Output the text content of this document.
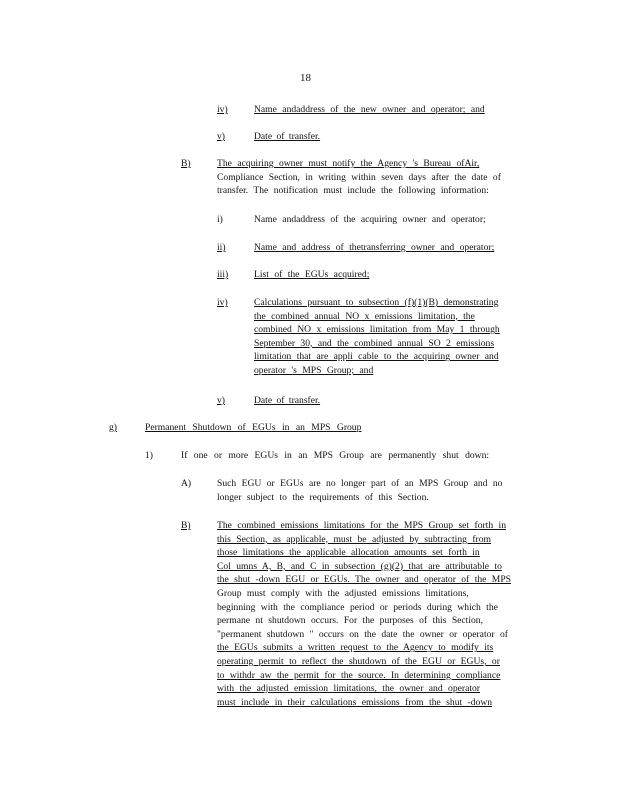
18
iv)	Name andaddress of the new owner and operator; and
v)	Date of transfer.
B)	The acquiring owner must notify the Agency 's Bureau ofAir,
Compliance Section, in writing within seven days after the date of
transfer. The notification must include the following information:
i)	Name andaddress of the acquiring owner and operator;
ii)	Name and address of thetransferring owner and operator;
iii)	List of the EGUs acquired;
iv)	Calculations pursuant to subsection (f)(1)(B) demonstrating
the combined annual NO x emissions limitation, the
combined NO x emissions limitation from May 1 through
September 30, and the combined annual SO 2 emissions
limitation that are appli cable to the acquiring owner and
operator 's MPS Group; and
v)	Date of transfer.
g)	Permanent Shutdown of EGUs in an MPS Group
1)	If one or more EGUs in an MPS Group are permanently shut down:
A)	Such EGU or EGUs are no longer part of an MPS Group and no
longer subject to the requirements of this Section.
B)	The combined emissions limitations for the MPS Group set forth in
this Section, as applicable, must be adjusted by subtracting from
those limitations the applicable allocation amounts set forth in
Col umns A, B, and C in subsection (g)(2) that are attributable to
the shut -down EGU or EGUs. The owner and operator of the MPS
Group must comply with the adjusted emissions limitations,
beginning with the compliance period or periods during which the
permane nt shutdown occurs. For the purposes of this Section,
"permanent shutdown " occurs on the date the owner or operator of
the EGUs submits a written request to the Agency to modify its
operating permit to reflect the shutdown of the EGU or EGUs, or
to withdr aw the permit for the source. In determining compliance
with the adjusted emission limitations, the owner and operator
must include in their calculations emissions from the shut -down
